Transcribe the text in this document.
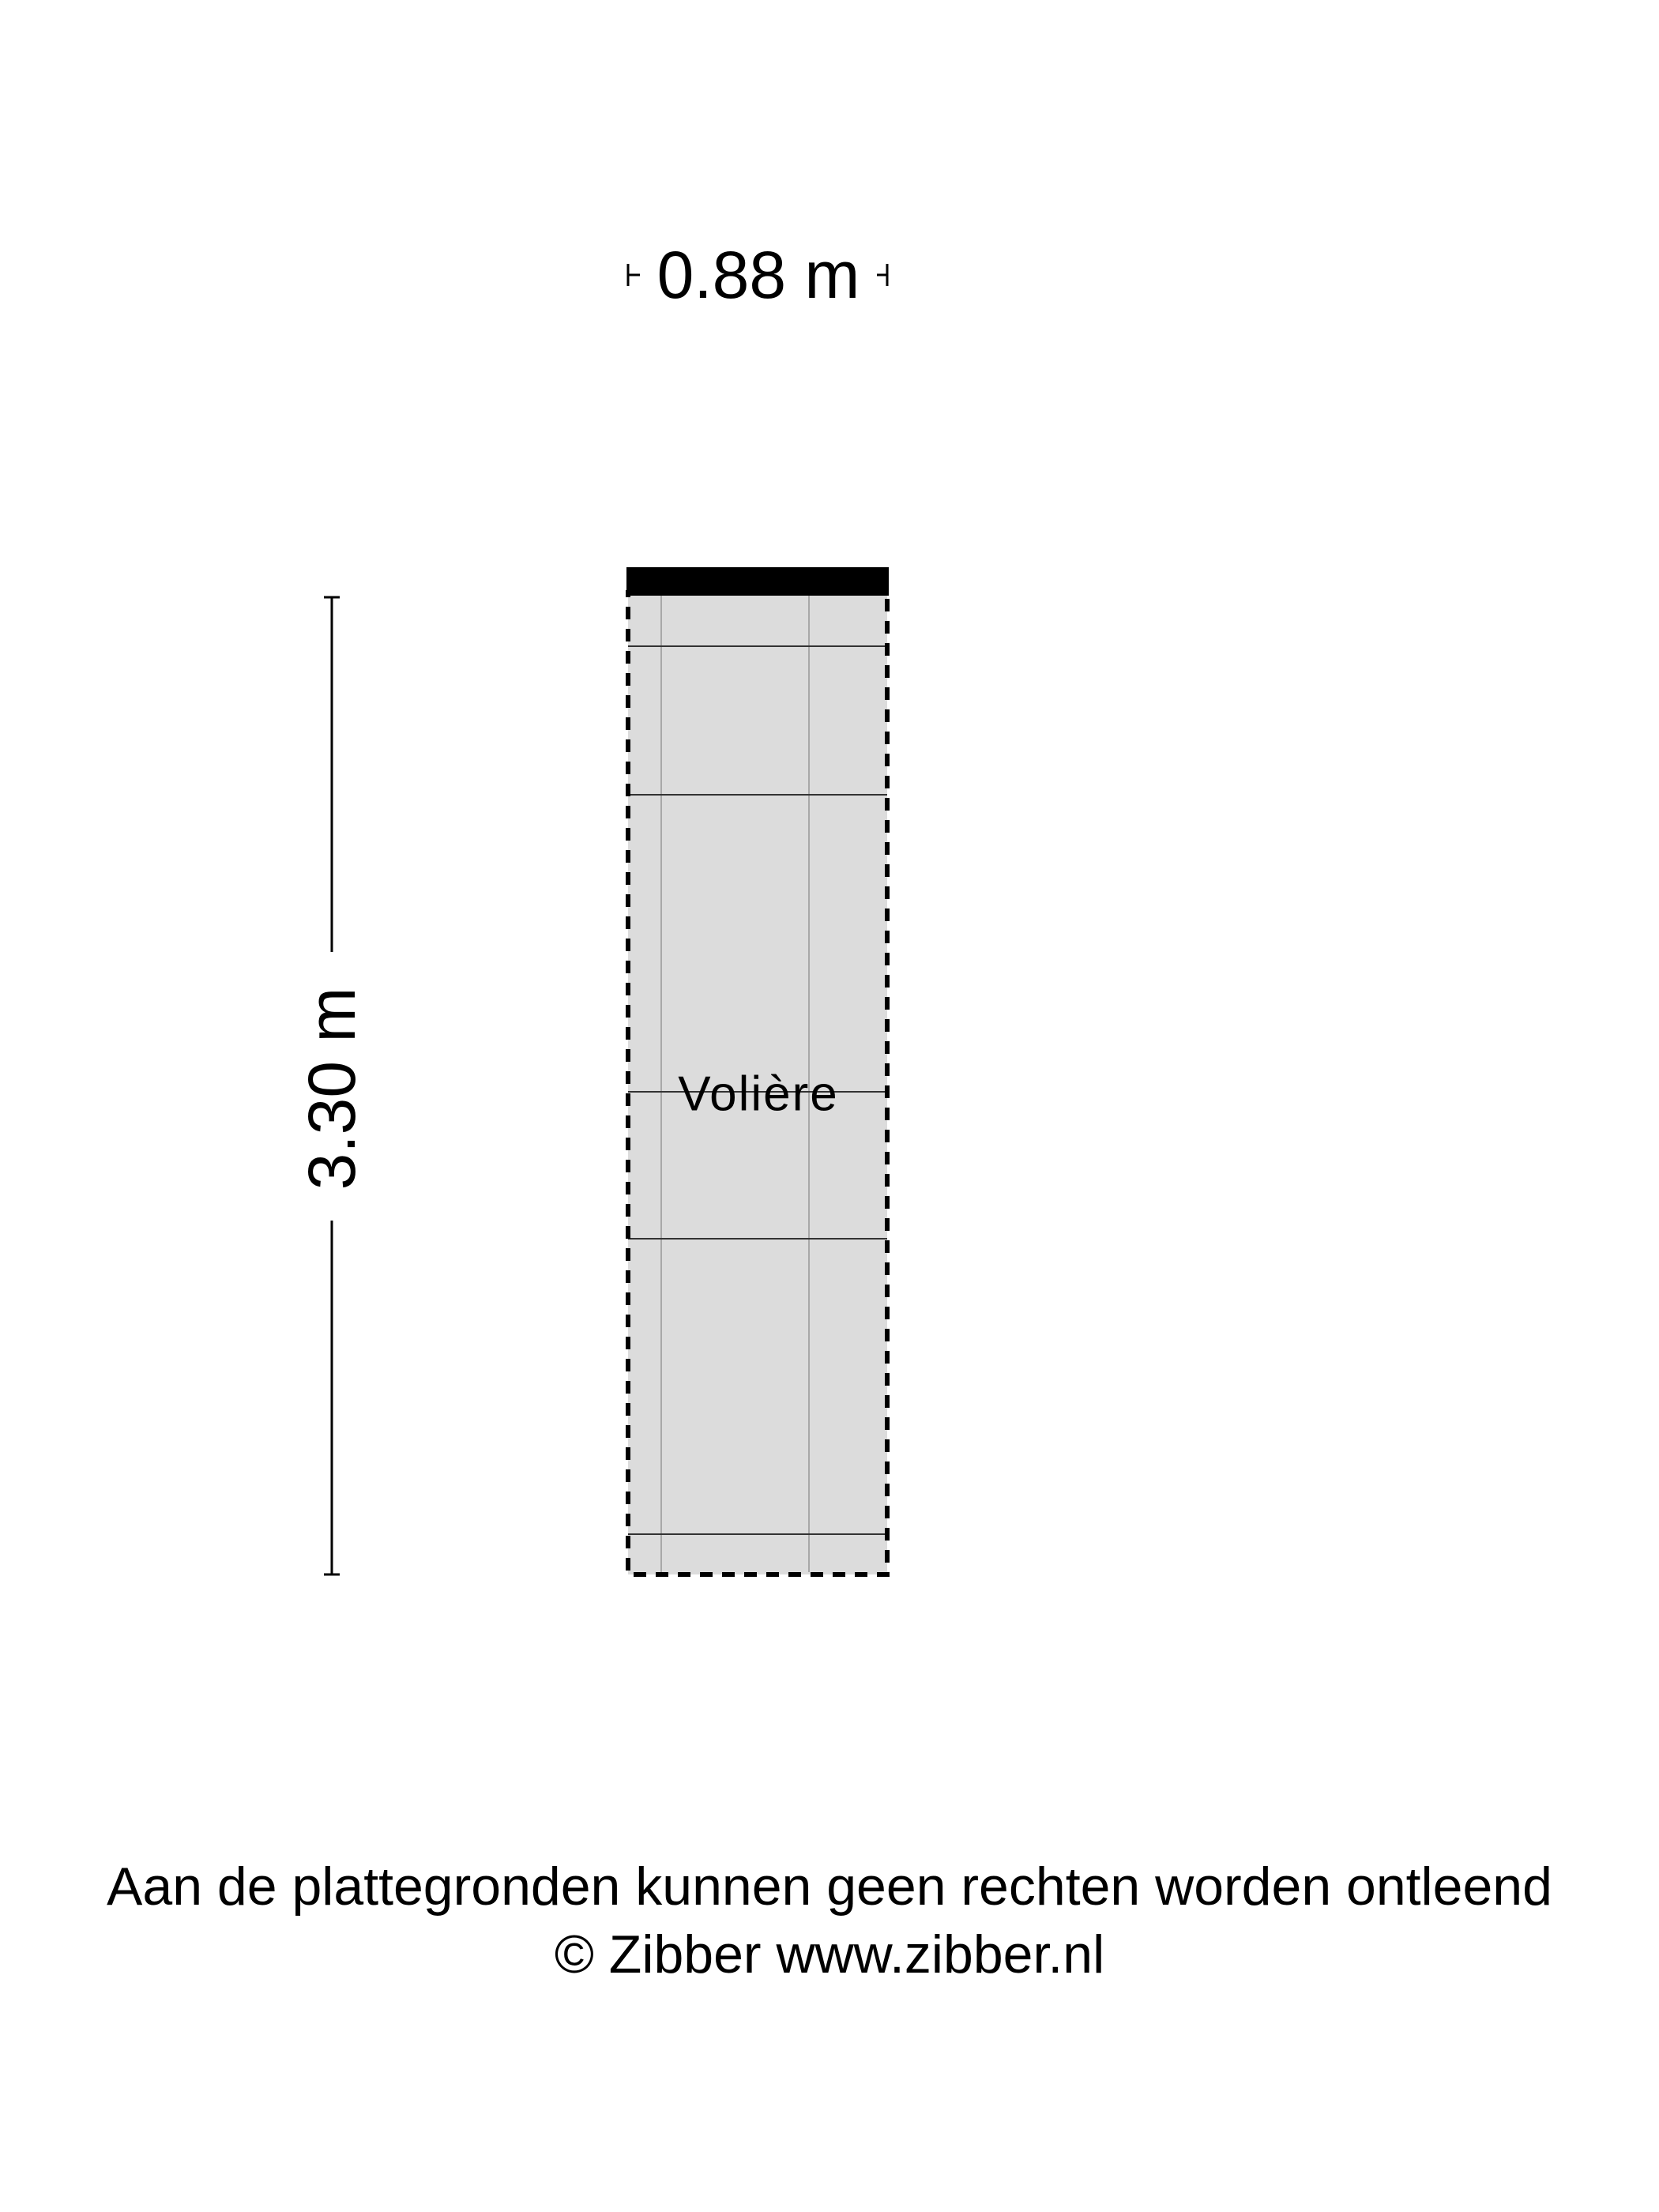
0.88 m
3.30 m	Volière
Aan de plattegronden kunnen geen rechten worden ontleend
© Zibber www.zibber.nl
